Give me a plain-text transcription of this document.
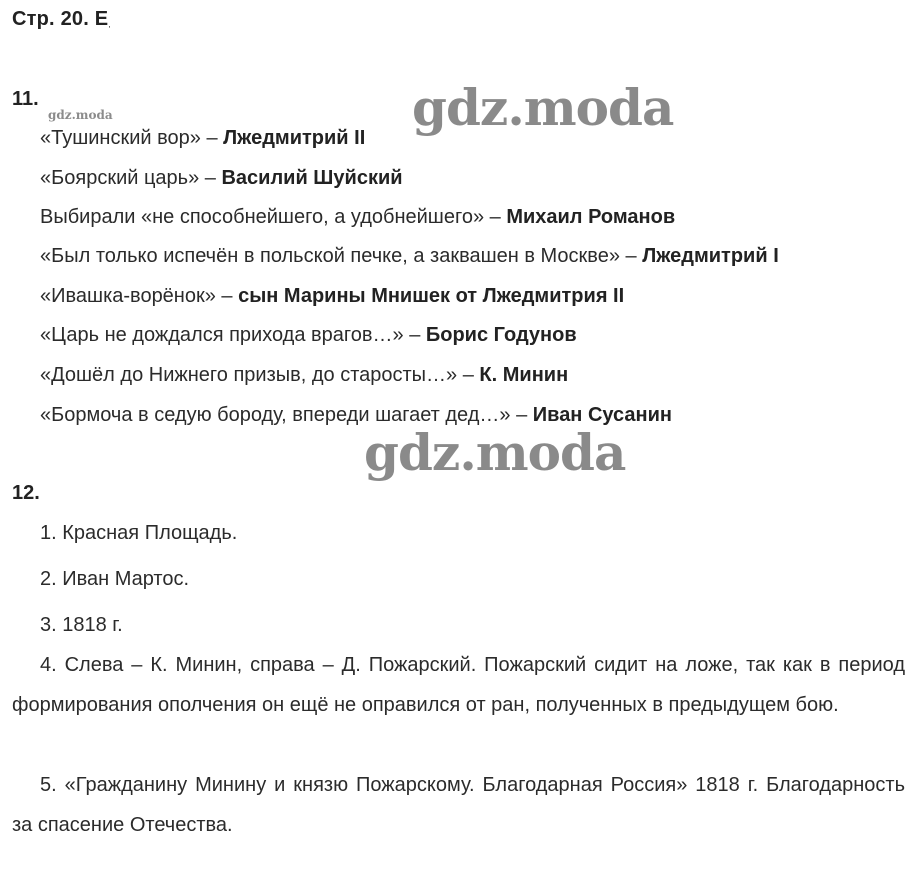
Стр. 20. Е,
11.
gdz.moda	gdz.moda
«Тушинский вор» – Лжедмитрий II
«Боярский царь» – Василий Шуйский
Выбирали «не способнейшего, а удобнейшего» – Михаил Романов
«Был только испечён в польской печке, а заквашен в Москве» – Лжедмитрий I
«Ивашка-ворёнок» – сын Марины Мнишек от Лжедмитрия II
«Царь не дождался прихода врагов…» – Борис Годунов
«Дошёл до Нижнего призыв, до старосты…» – К. Минин
«Бормоча в седую бороду, впереди шагает дед…» – Иван Сусанин
gdz.moda
12.
1. Красная Площадь.
2. Иван Мартос.
3. 1818 г.
4. Слева – К. Минин, справа – Д. Пожарский. Пожарский сидит на ложе, так как в период формирования ополчения он ещё не оправился от ран, полученных в предыдущем бою.
5. «Гражданину Минину и князю Пожарскому. Благодарная Россия» 1818 г. Благодарность за спасение Отечества.
